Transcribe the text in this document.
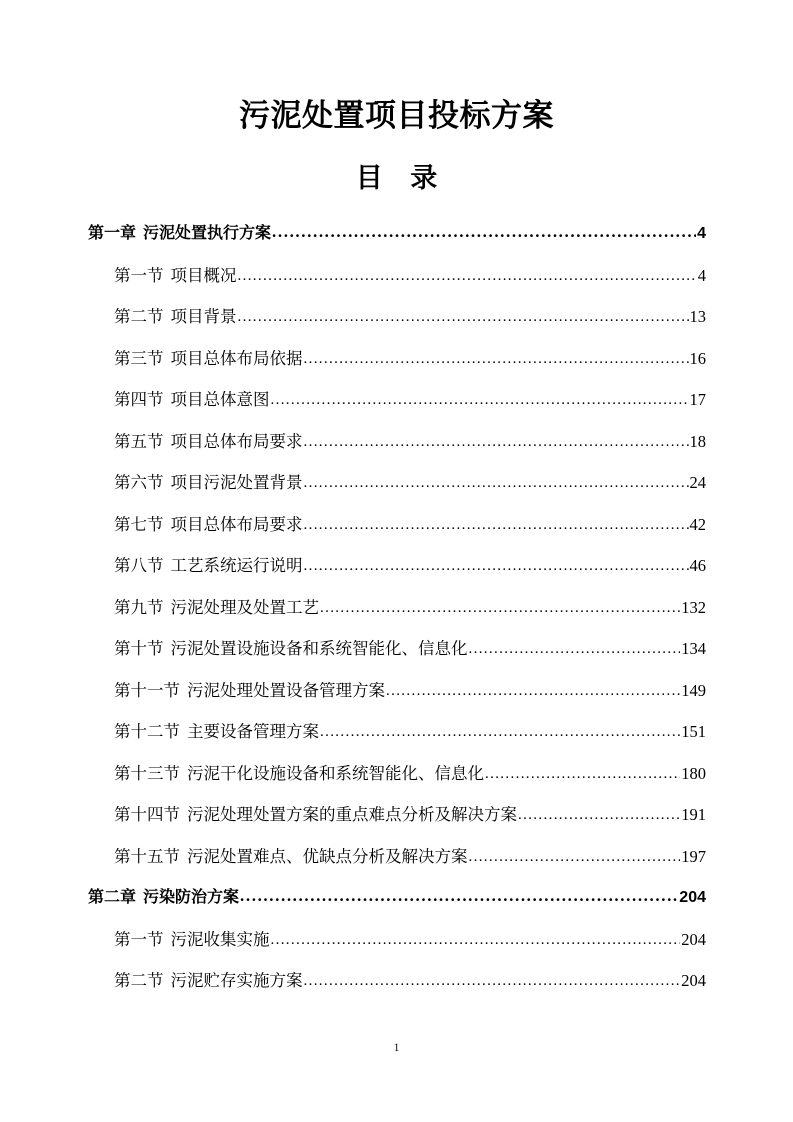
污泥处置项目投标方案
目 录
第一章 污泥处置执行方案 .....	4
第一节 项目概况 .....	4
第二节 项目背景 .....	13
第三节 项目总体布局依据 .....	16
第四节 项目总体意图 .....	17
第五节 项目总体布局要求 .....	18
第六节 项目污泥处置背景 .....	24
第七节 项目总体布局要求 .....	42
第八节 工艺系统运行说明 .....	46
第九节 污泥处理及处置工艺 .....	132
第十节 污泥处置设施设备和系统智能化、信息化 .....	134
第十一节 污泥处理处置设备管理方案 .....	149
第十二节 主要设备管理方案 .....	151
第十三节 污泥干化设施设备和系统智能化、信息化 .....	180
第十四节 污泥处理处置方案的重点难点分析及解决方案 .....	191
第十五节 污泥处置难点、优缺点分析及解决方案 .....	197
第二章 污染防治方案 .....	204
第一节 污泥收集实施 .....	204
第二节 污泥贮存实施方案 .....	204
1
